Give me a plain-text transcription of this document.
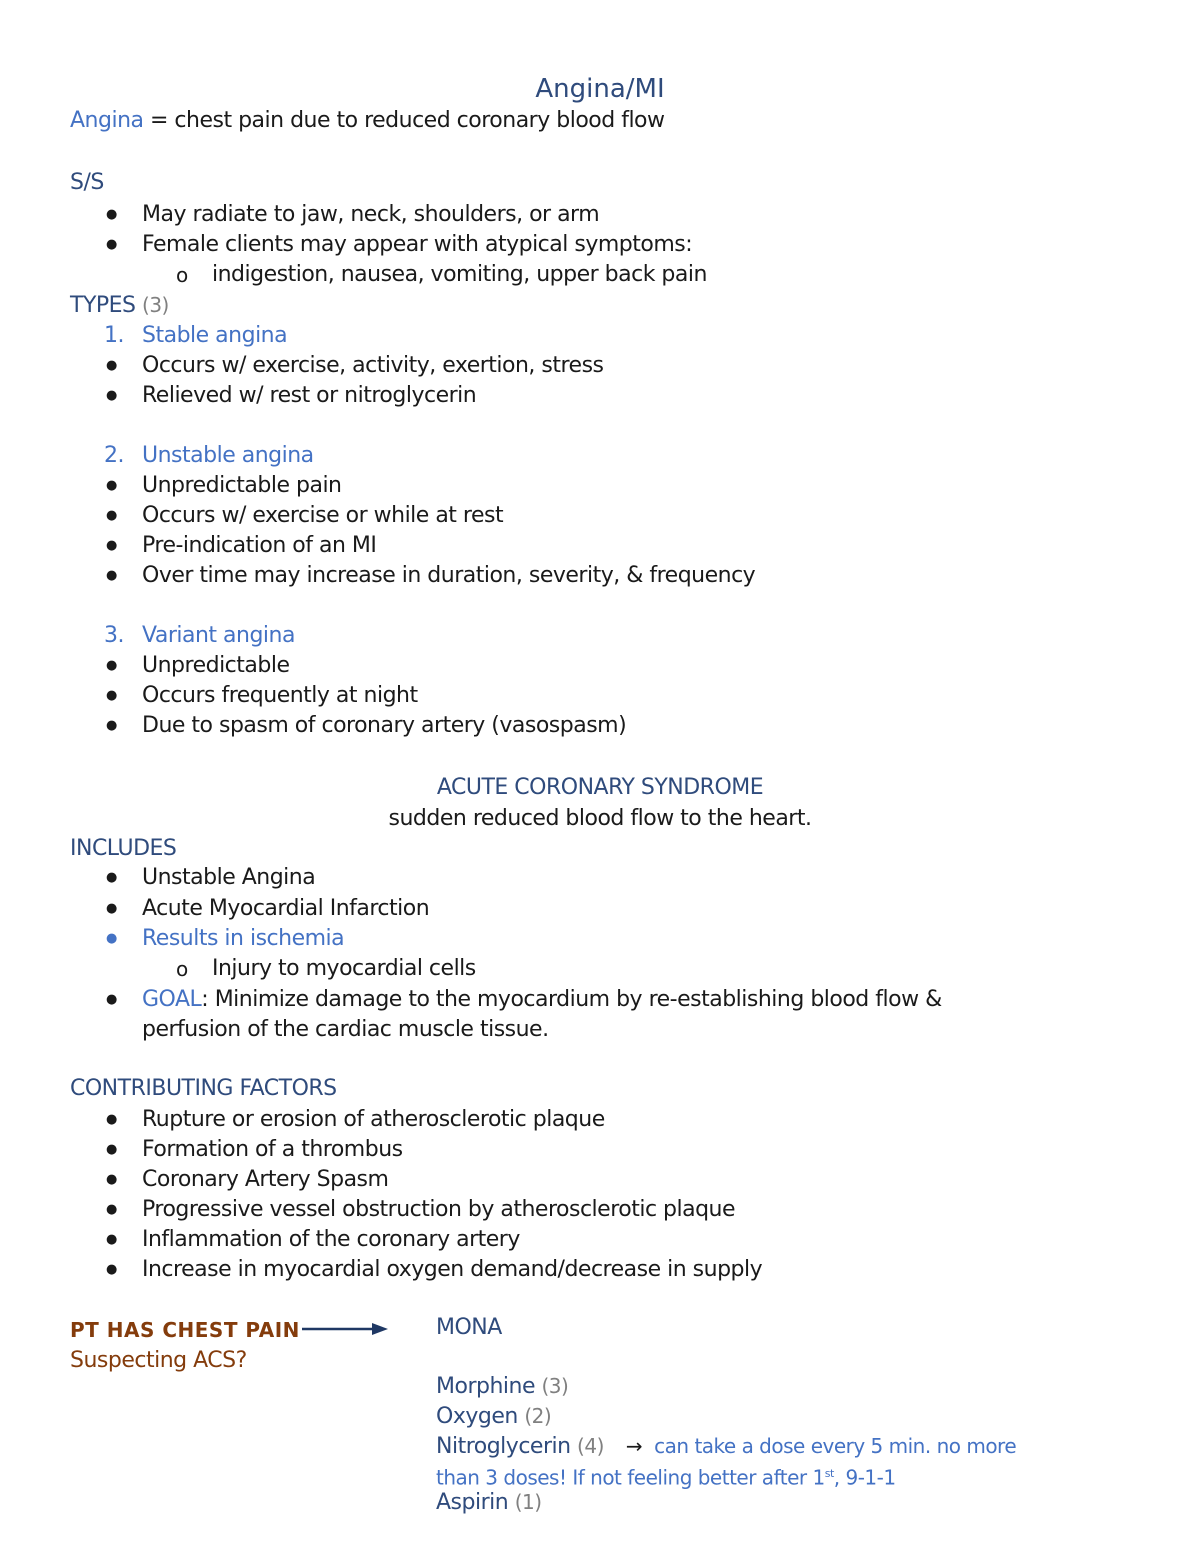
Angina/MI
Angina = chest pain due to reduced coronary blood flow
S/S
● May radiate to jaw, neck, shoulders, or arm
● Female clients may appear with atypical symptoms:
o indigestion, nausea, vomiting, upper back pain
TYPES (3)
1. Stable angina
● Occurs w/ exercise, activity, exertion, stress
● Relieved w/ rest or nitroglycerin
2. Unstable angina
● Unpredictable pain
● Occurs w/ exercise or while at rest
● Pre-indication of an MI
● Over time may increase in duration, severity, & frequency
3. Variant angina
● Unpredictable
● Occurs frequently at night
● Due to spasm of coronary artery (vasospasm)
ACUTE CORONARY SYNDROME
sudden reduced blood flow to the heart.
INCLUDES
● Unstable Angina
● Acute Myocardial Infarction
● Results in ischemia
o Injury to myocardial cells
● GOAL: Minimize damage to the myocardium by re-establishing blood flow &
perfusion of the cardiac muscle tissue.
CONTRIBUTING FACTORS
● Rupture or erosion of atherosclerotic plaque
● Formation of a thrombus
● Coronary Artery Spasm
● Progressive vessel obstruction by atherosclerotic plaque
● Inflammation of the coronary artery
● Increase in myocardial oxygen demand/decrease in supply
PT HAS CHEST PAIN
Suspecting ACS?
MONA
Morphine (3)
Oxygen (2)
Nitroglycerin (4) → can take a dose every 5 min. no more
than 3 doses! If not feeling better after 1st, 9-1-1
Aspirin (1)
